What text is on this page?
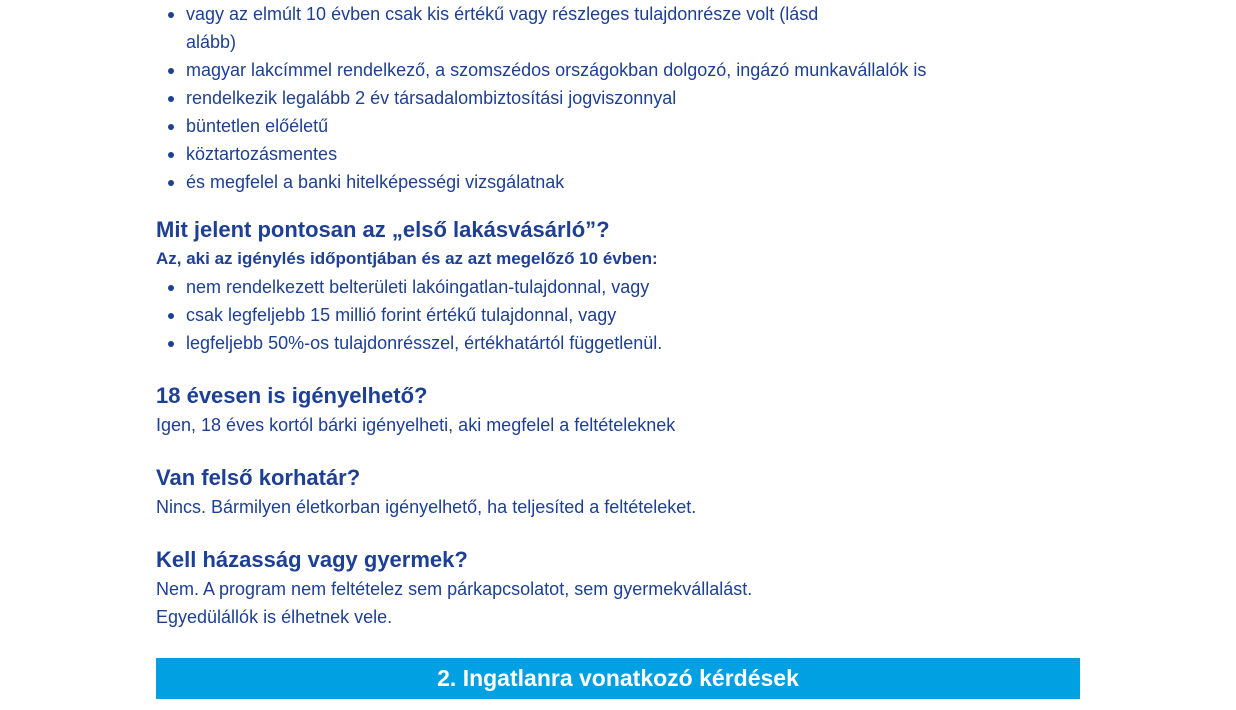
vagy az elmúlt 10 évben csak kis értékű vagy részleges tulajdonrésze volt (lásd alább)
magyar lakcímmel rendelkező, a szomszédos országokban dolgozó, ingázó munkavállalók is
rendelkezik legalább 2 év társadalombiztosítási jogviszonnyal
büntetlen előéletű
köztartozásmentes
és megfelel a banki hitelképességi vizsgálatnak
Mit jelent pontosan az „első lakásvásárló”?

Az, aki az igénylés időpontjában és az azt megelőző 10 évben:

nem rendelkezett belterületi lakóingatlan-tulajdonnal, vagy
csak legfeljebb 15 millió forint értékű tulajdonnal, vagy
legfeljebb 50%-os tulajdonrésszel, értékhatártól függetlenül.
18 évesen is igényelhető?

Igen, 18 éves kortól bárki igényelheti, aki megfelel a feltételeknek

Van felső korhatár?

Nincs. Bármilyen életkorban igényelhető, ha teljesíted a feltételeket.

Kell házasság vagy gyermek?

Nem. A program nem feltételez sem párkapcsolatot, sem gyermekvállalást.

Egyedülállók is élhetnek vele.

2. Ingatlanra vonatkozó kérdések
